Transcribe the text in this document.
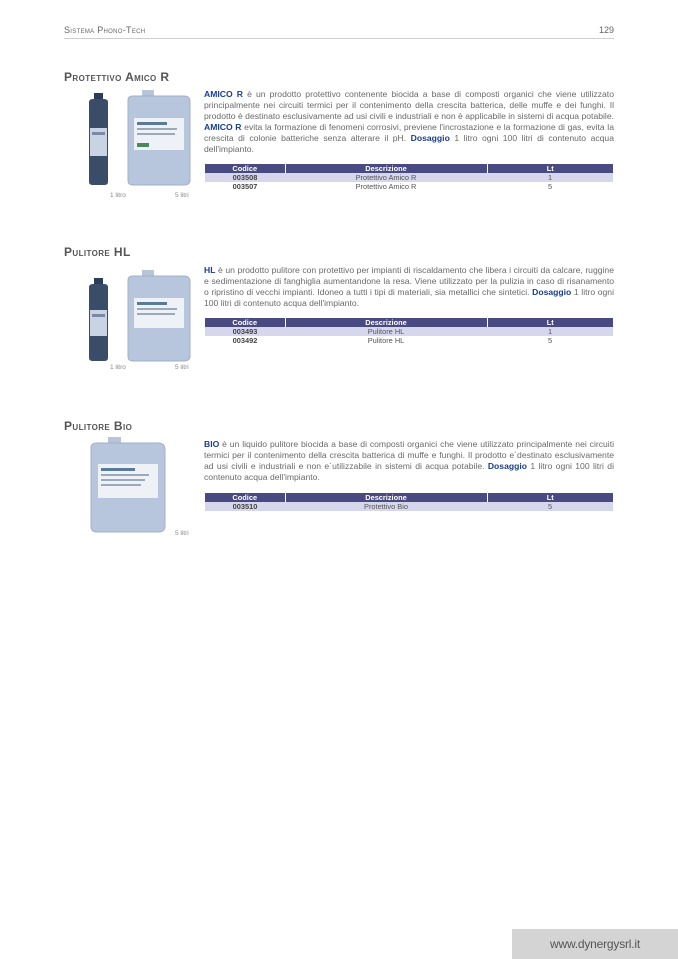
Sistema Phono-Tech	129
Protettivo Amico R
1 litro	5 litri
AMICO R è un prodotto protettivo contenente biocida a base di composti organici che viene utilizzato principalmente nei circuiti termici per il contenimento della crescita batterica, delle muffe e dei funghi. Il prodotto è destinato esclusivamente ad usi civili e industriali e non è applicabile in sistemi di acqua potabile. AMICO R evita la formazione di fenomeni corrosivi, previene l'incrostazione e la formazione di gas, evita la crescita di colonie batteriche senza alterare il pH. Dosaggio 1 litro ogni 100 litri di contenuto acqua dell'impianto.
Codice	Descrizione	Lt
003508	Protettivo Amico R	1
003507	Protettivo Amico R	5
Pulitore HL
1 litro	5 litri
HL è un prodotto pulitore con protettivo per impianti di riscaldamento che libera i circuiti da calcare, ruggine e sedimentazione di fanghiglia aumentandone la resa. Viene utilizzato per la pulizia in caso di risanamento o ripristino di vecchi impianti. Idoneo a tutti i tipi di materiali, sia metallici che sintetici. Dosaggio 1 litro ogni 100 litri di contenuto acqua dell'impianto.
Codice	Descrizione	Lt
003493	Pulitore HL	1
003492	Pulitore HL	5
Pulitore Bio
5 litri
BIO è un liquido pulitore biocida a base di composti organici che viene utilizzato principalmente nei circuiti termici per il contenimento della crescita batterica di muffe e funghi. Il prodotto e´destinato esclusivamente ad usi civili e industriali e non e´utilizzabile in sistemi di acqua potabile. Dosaggio 1 litro ogni 100 litri di contenuto acqua dell'impianto.
Codice	Descrizione	Lt
003510	Protettivo Bio	5
www.dynergysrl.it
